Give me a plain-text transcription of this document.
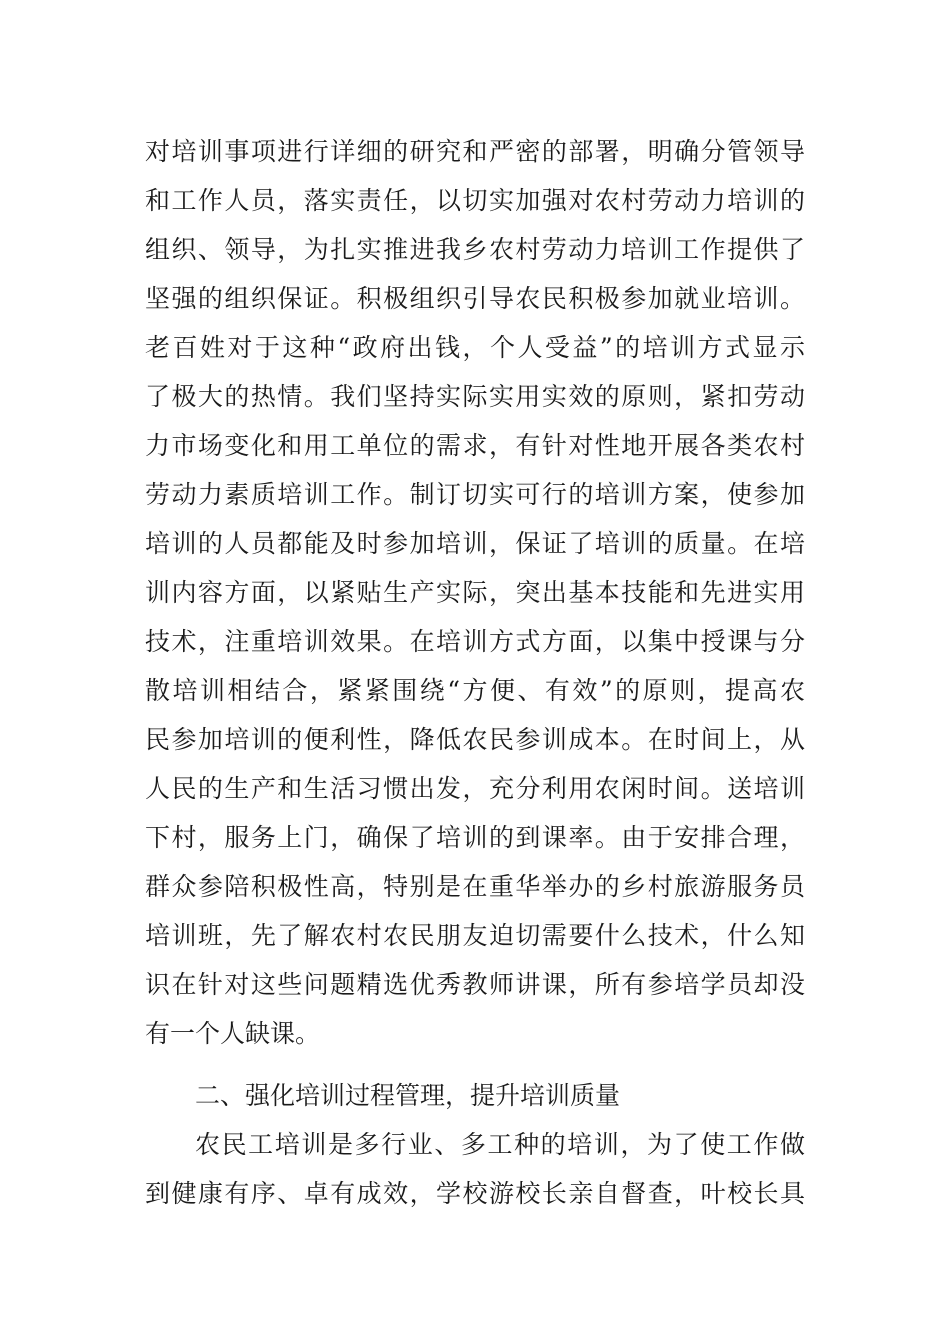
对培训事项进行详细的研究和严密的部署，明确分管领导
和工作人员，落实责任，以切实加强对农村劳动力培训的
组织、领导，为扎实推进我乡农村劳动力培训工作提供了
坚强的组织保证。积极组织引导农民积极参加就业培训。
老百姓对于这种“政府出钱，个人受益”的培训方式显示
了极大的热情。我们坚持实际实用实效的原则，紧扣劳动
力市场变化和用工单位的需求，有针对性地开展各类农村
劳动力素质培训工作。制订切实可行的培训方案，使参加
培训的人员都能及时参加培训，保证了培训的质量。在培
训内容方面，以紧贴生产实际，突出基本技能和先进实用
技术，注重培训效果。在培训方式方面，以集中授课与分
散培训相结合，紧紧围绕“方便、有效”的原则，提高农
民参加培训的便利性，降低农民参训成本。在时间上，从
人民的生产和生活习惯出发，充分利用农闲时间。送培训
下村，服务上门，确保了培训的到课率。由于安排合理，
群众参陪积极性高，特别是在重华举办的乡村旅游服务员
培训班，先了解农村农民朋友迫切需要什么技术，什么知
识在针对这些问题精选优秀教师讲课，所有参培学员却没
有一个人缺课。
二、强化培训过程管理，提升培训质量
农民工培训是多行业、多工种的培训，为了使工作做
到健康有序、卓有成效，学校游校长亲自督查，叶校长具
